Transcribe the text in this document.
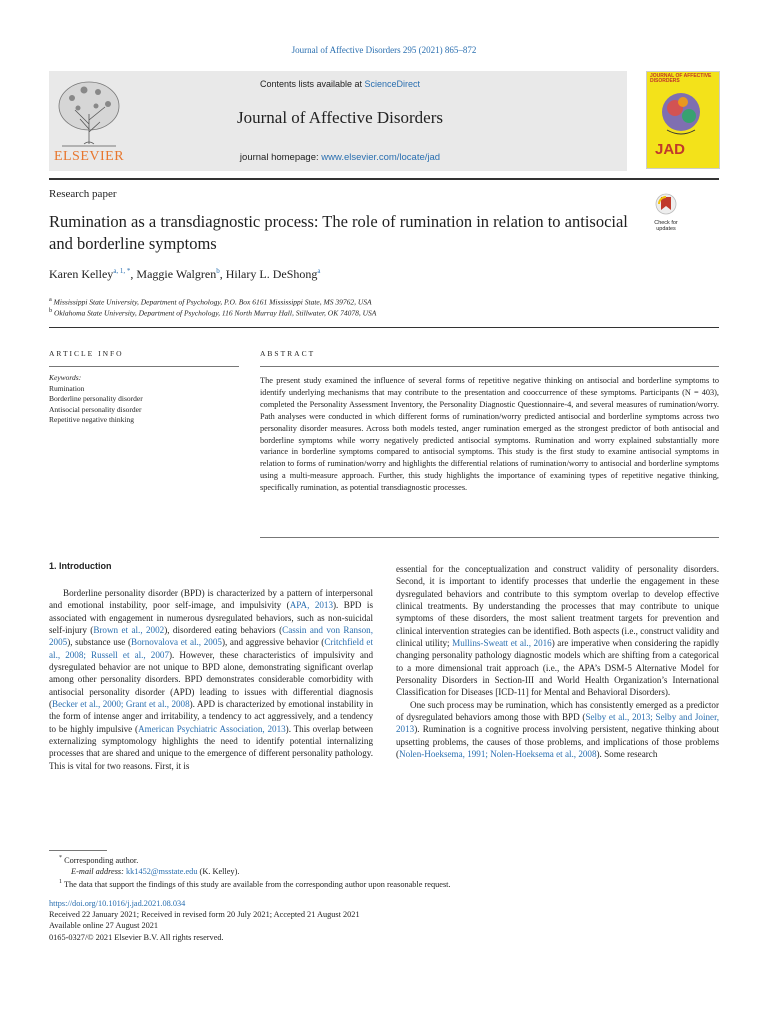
Journal of Affective Disorders 295 (2021) 865–872
ELSEVIER
Contents lists available at ScienceDirect
Journal of Affective Disorders
journal homepage: www.elsevier.com/locate/jad
JOURNAL OF AFFECTIVE DISORDERS
JAD
Research paper
Rumination as a transdiagnostic process: The role of rumination in relation to antisocial and borderline symptoms
Check for updates
Karen Kelley$^{a, 1, *}$, Maggie Walgren$^b$, Hilary L. DeShong$^a$
$^a$ Mississippi State University, Department of Psychology, P.O. Box 6161 Mississippi State, MS 39762, USA
$^b$ Oklahoma State University, Department of Psychology, 116 North Murray Hall, Stillwater, OK 74078, USA
ARTICLE INFO
Keywords:
Rumination
Borderline personality disorder
Antisocial personality disorder
Repetitive negative thinking
ABSTRACT
The present study examined the influence of several forms of repetitive negative thinking on antisocial and borderline symptoms to identify underlying mechanisms that may contribute to the presentation and cooccurrence of these symptoms. Participants (N = 403), completed the Personality Assessment Inventory, the Personality Diagnostic Questionnaire-4, and several measures of rumination/worry. Path analyses were conducted in which different forms of rumination/worry predicted antisocial and borderline symptoms across two personality disorder measures. Across both models tested, anger rumination emerged as the strongest predictor of both antisocial and borderline symptoms while worry negatively predicted antisocial symptoms. Rumination and worry explained substantially more variance in borderline symptoms compared to antisocial symptoms. This study is the first study to examine antisocial symptoms in relation to forms of rumination/worry and highlights the differential relations of rumination/worry to antisocial and borderline symptoms using a multi-measure approach. Further, this study highlights the importance of examining types of repetitive negative thinking, specifically rumination, as potential transdiagnostic processes.
1. Introduction

Borderline personality disorder (BPD) is characterized by a pattern of interpersonal and emotional instability, poor self-image, and impulsivity (APA, 2013). BPD is associated with engagement in numerous dysregulated behaviors, such as non-suicidal self-injury (Brown et al., 2002), disordered eating behaviors (Cassin and von Ranson, 2005), substance use (Bornovalova et al., 2005), and aggressive behavior (Critchfield et al., 2008; Russell et al., 2007). However, these characteristics of impulsivity and dysregulated behavior are not unique to BPD alone, demonstrating significant overlap among other personality disorders. BPD demonstrates considerable comorbidity with antisocial personality disorder (APD) leading to issues with differential diagnosis (Becker et al., 2000; Grant et al., 2008). APD is characterized by emotional instability in the form of intense anger and irritability, a tendency to act aggressively, and a tendency to be highly impulsive (American Psychiatric Association, 2013). This overlap between externalizing symptomology highlights the need to identify potential internalizing processes that are shared and unique to the emergence of different personality pathology. This is vital for two reasons. First, it is

essential for the conceptualization and construct validity of personality disorders. Second, it is important to identify processes that underlie the engagement in these dysregulated behaviors and contribute to this symptom overlap to develop effective clinical treatments. By understanding the processes that may contribute to unique symptoms of these disorders, the most salient treatment targets for prevention and clinical intervention strategies can be identified. Both aspects (i.e., construct validity and clinical utility; Mullins-Sweatt et al., 2016) are imperative when considering the rapidly changing personality pathology diagnostic models which are shifting from a categorical to a more dimensional trait approach (i.e., the APA’s DSM-5 Alternative Model for Personality Disorders in Section-III and World Health Organization’s International Classification for Diseases [ICD-11] for Mental and Behavioral Disorders).

One such process may be rumination, which has consistently emerged as a predictor of dysregulated behaviors among those with BPD (Selby et al., 2013; Selby and Joiner, 2013). Rumination is a cognitive process involving persistent, negative thinking about upsetting problems, the causes of those problems, and implications of those problems (Nolen-Hoeksema, 1991; Nolen-Hoeksema et al., 2008). Some research

* Corresponding author.
E-mail address: kk1452@msstate.edu (K. Kelley).
$^1$ The data that support the findings of this study are available from the corresponding author upon reasonable request.
https://doi.org/10.1016/j.jad.2021.08.034
Received 22 January 2021; Received in revised form 20 July 2021; Accepted 21 August 2021
Available online 27 August 2021
0165-0327/© 2021 Elsevier B.V. All rights reserved.
